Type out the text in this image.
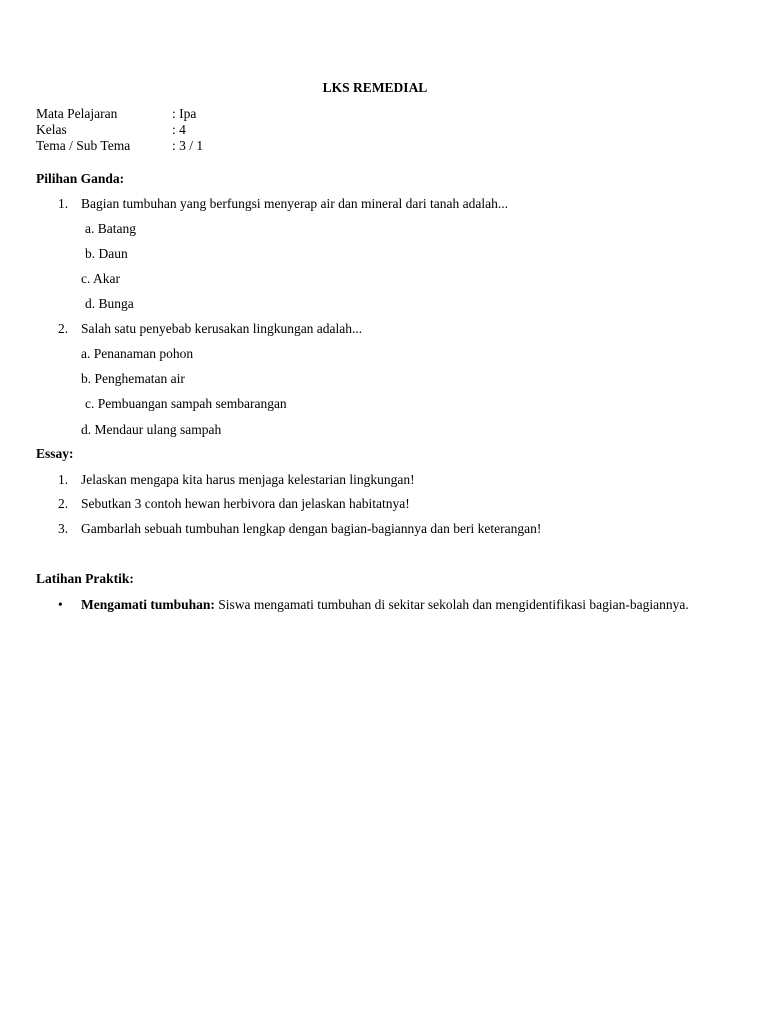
LKS REMEDIAL
Mata Pelajaran	: Ipa
Kelas	: 4
Tema / Sub Tema	: 3 / 1
Pilihan Ganda:
1. Bagian tumbuhan yang berfungsi menyerap air dan mineral dari tanah adalah...
a. Batang
b. Daun
c. Akar
d. Bunga
2. Salah satu penyebab kerusakan lingkungan adalah...
a. Penanaman pohon
b. Penghematan air
c. Pembuangan sampah sembarangan
d. Mendaur ulang sampah
Essay:
1. Jelaskan mengapa kita harus menjaga kelestarian lingkungan!
2. Sebutkan 3 contoh hewan herbivora dan jelaskan habitatnya!
3. Gambarlah sebuah tumbuhan lengkap dengan bagian-bagiannya dan beri keterangan!
Latihan Praktik:
• Mengamati tumbuhan: Siswa mengamati tumbuhan di sekitar sekolah dan mengidentifikasi bagian-bagiannya.
